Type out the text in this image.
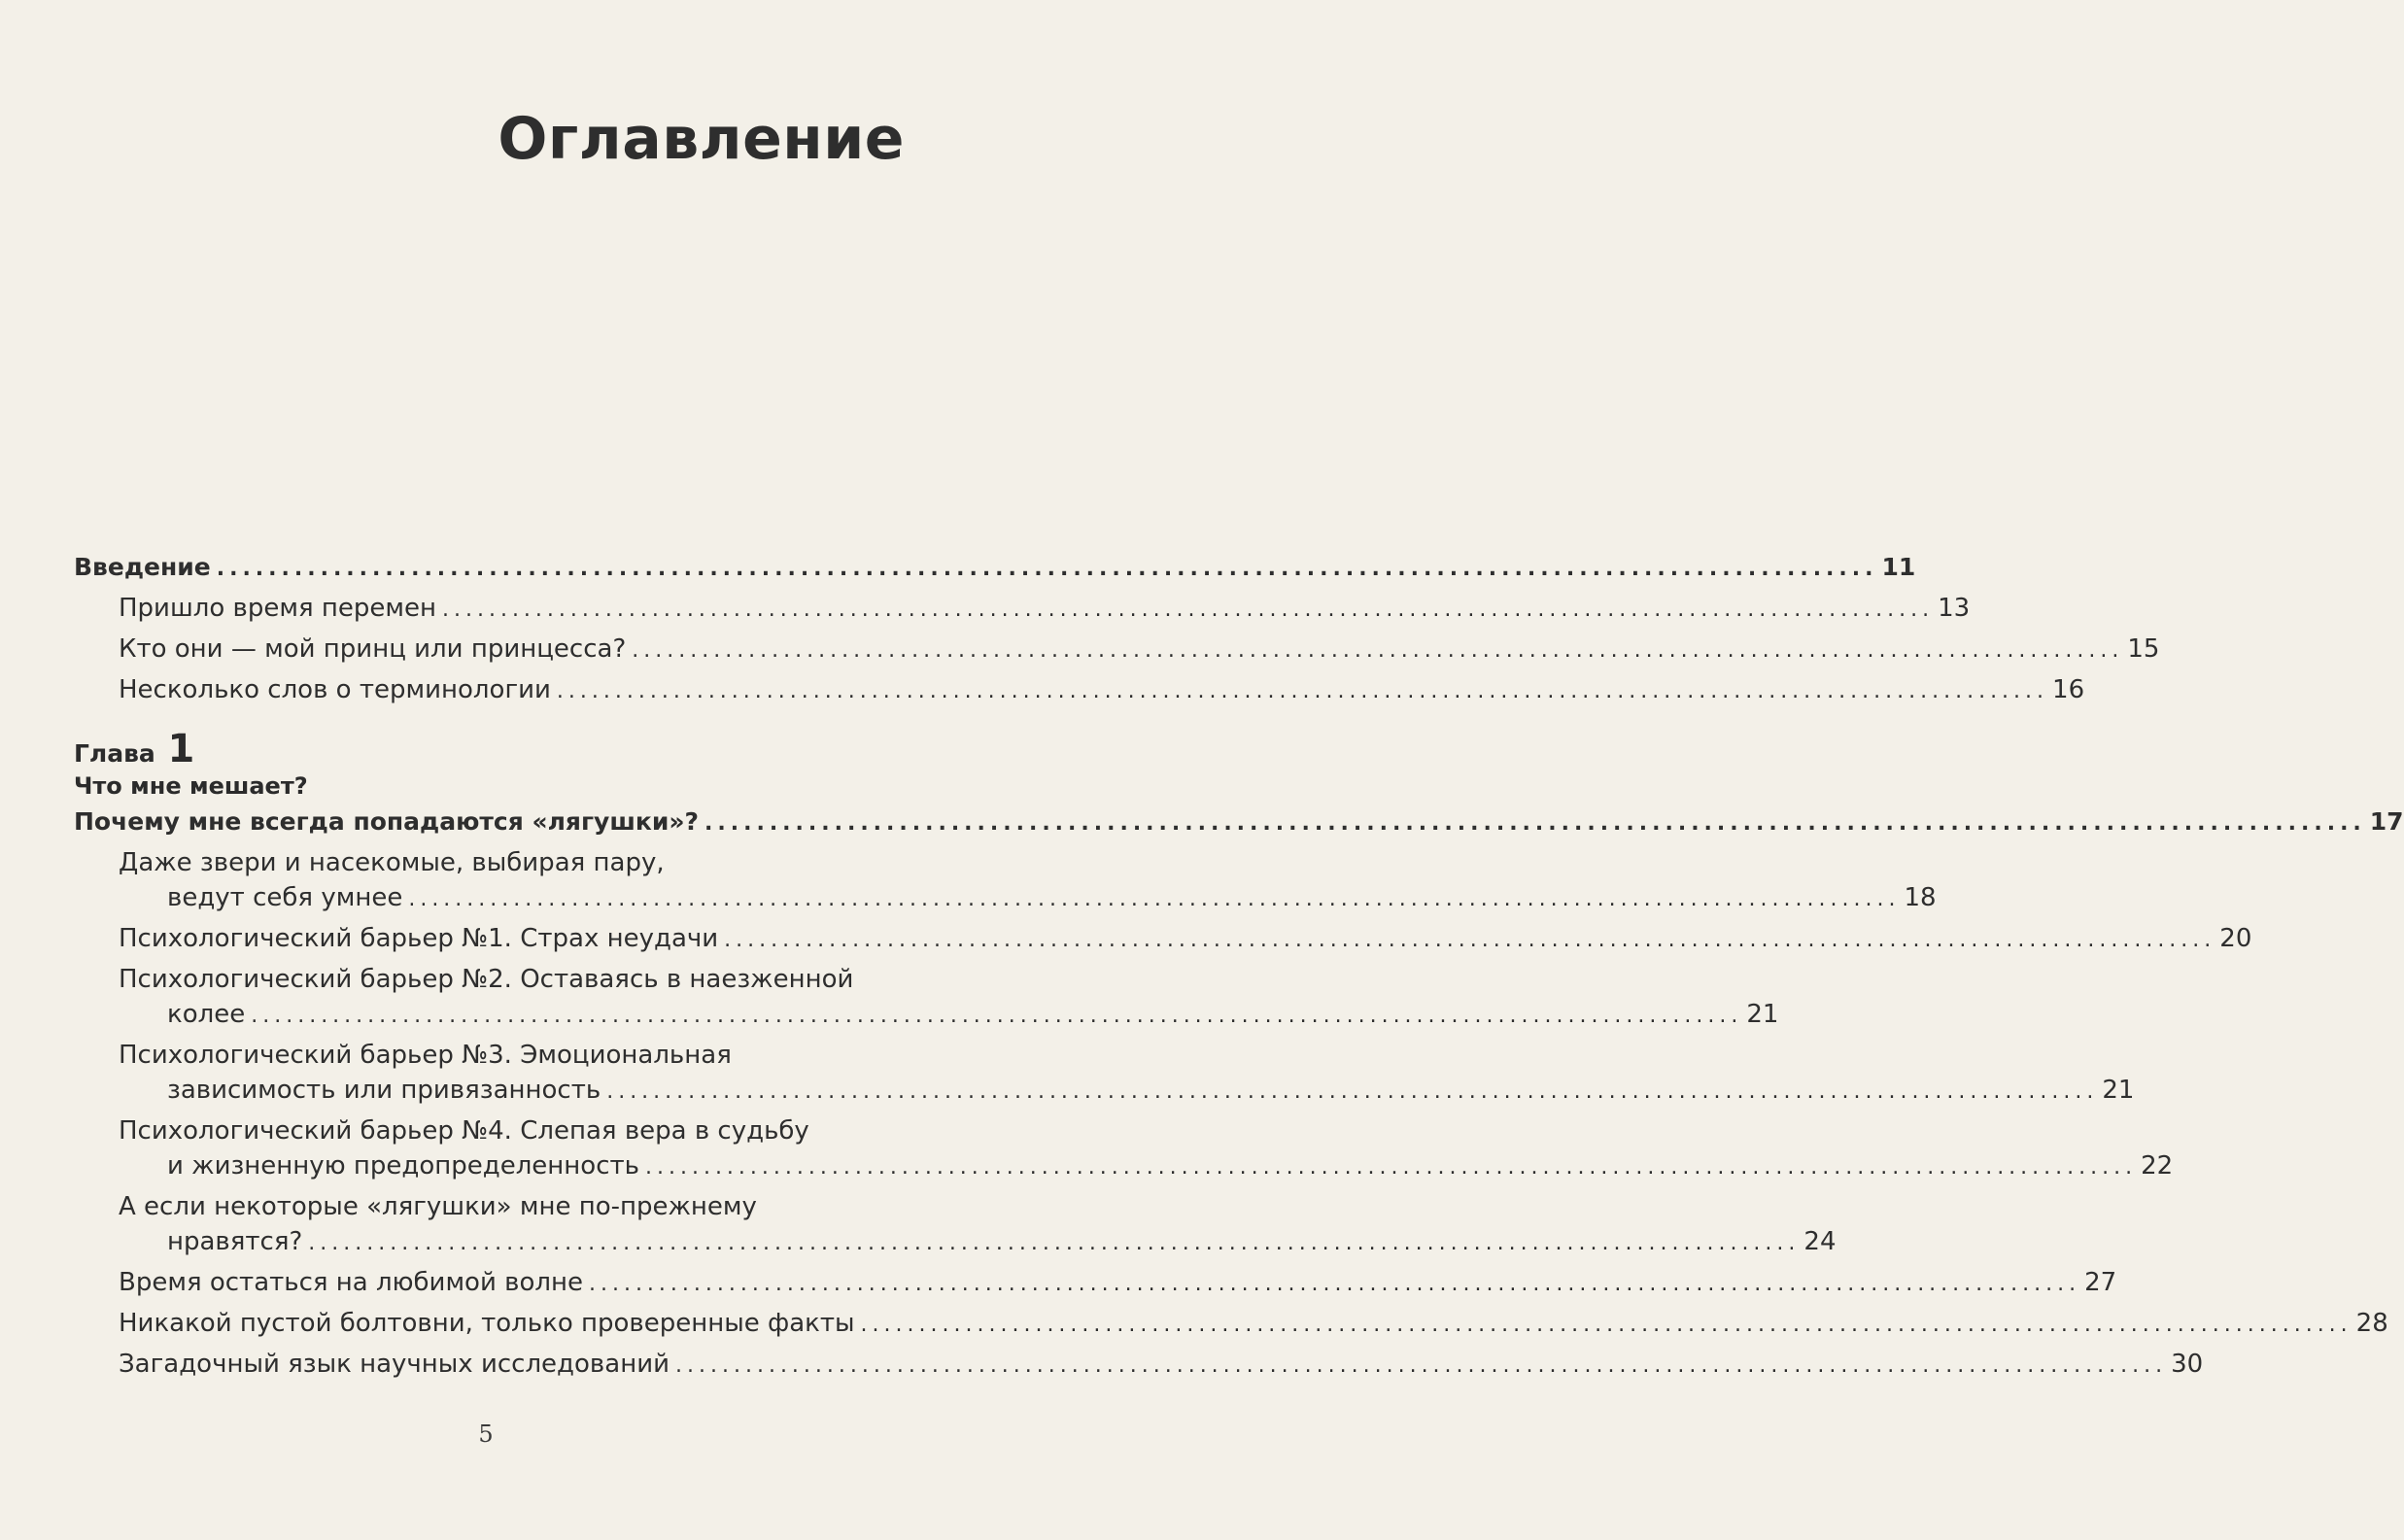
Оглавление
Введение ................................................................................................................................ 11
Пришло время перемен ................................................................................................................................ 13
Кто они — мой принц или принцесса? ................................................................................................................................ 15
Несколько слов о терминологии ................................................................................................................................ 16
Глава 1
Что мне мешает?
Почему мне всегда попадаются «лягушки»? ................................................................................................................................ 17
Даже звери и насекомые, выбирая пару,
ведут себя умнее ................................................................................................................................ 18
Психологический барьер №1. Страх неудачи ................................................................................................................................ 20
Психологический барьер №2. Оставаясь в наезженной
колее ................................................................................................................................ 21
Психологический барьер №3. Эмоциональная
зависимость или привязанность ................................................................................................................................ 21
Психологический барьер №4. Слепая вера в судьбу
и жизненную предопределенность ................................................................................................................................ 22
А если некоторые «лягушки» мне по-прежнему
нравятся? ................................................................................................................................ 24
Время остаться на любимой волне ................................................................................................................................ 27
Никакой пустой болтовни, только проверенные факты ................................................................................................................................ 28
Загадочный язык научных исследований ................................................................................................................................ 30
5
